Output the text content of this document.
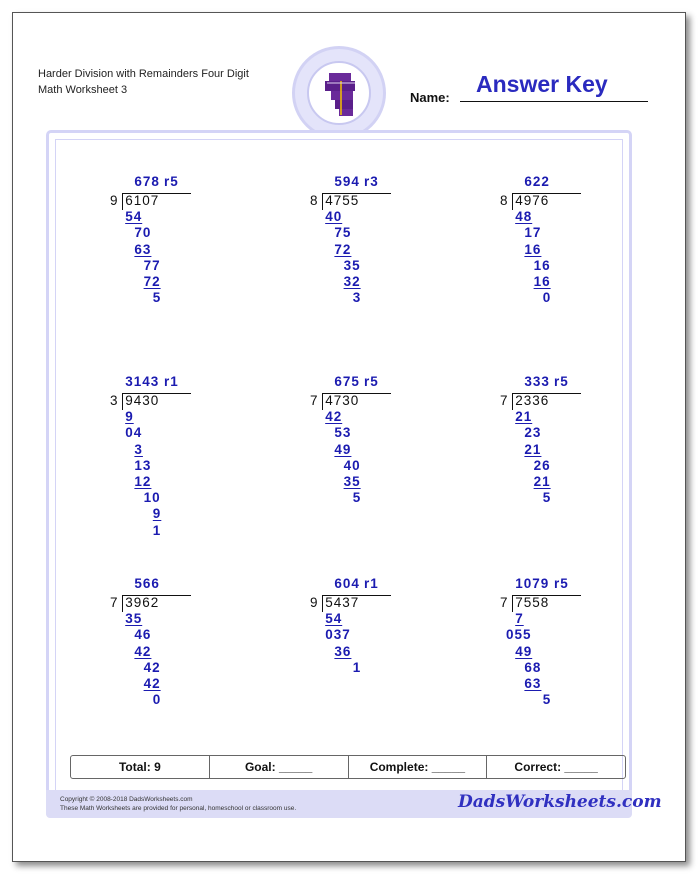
Harder Division with Remainders Four Digit
Math Worksheet 3	Name:
Answer Key
678 r5
9 6107
54
70
63
77
72
5
594 r3
8 4755
40
75
72
35
32
3
622
8 4976
48
17
16
16
16
0
3143 r1
3 9430
9
04
3
13
12
10
9
1
675 r5
7 4730
42
53
49
40
35
5
333 r5
7 2336
21
23
21
26
21
5
566
7 3962
35
46
42
42
42
0
604 r1
9 5437
54
037
36
1
1079 r5
7 7558
7
055
49
68
63
5
Total: 9	Goal: _____	Complete: _____	Correct: _____
Copyright © 2008-2018 DadsWorksheets.com
These Math Worksheets are provided for personal, homeschool or classroom use.	DadsWorksheets.com
